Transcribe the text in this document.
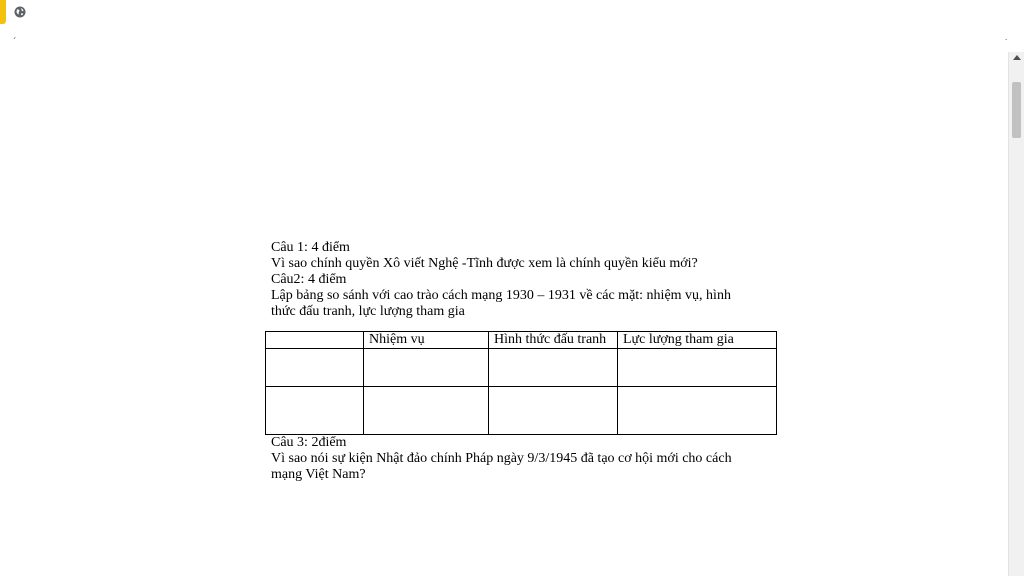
ˏ
ˑ

Câu 1: 4 điểm

Vì sao chính quyền Xô viết Nghệ -Tĩnh được xem là chính quyền kiểu mới?

Câu2: 4 điểm

Lập bảng so sánh với cao trào cách mạng 1930 – 1931 về các mặt: nhiệm vụ, hình thức đấu tranh, lực lượng tham gia

	Nhiệm vụ	Hình thức đấu tranh	Lực lượng tham gia

Câu 3: 2điểm

Vì sao nói sự kiện Nhật đảo chính Pháp ngày 9/3/1945 đã tạo cơ hội mới cho cách mạng Việt Nam?
